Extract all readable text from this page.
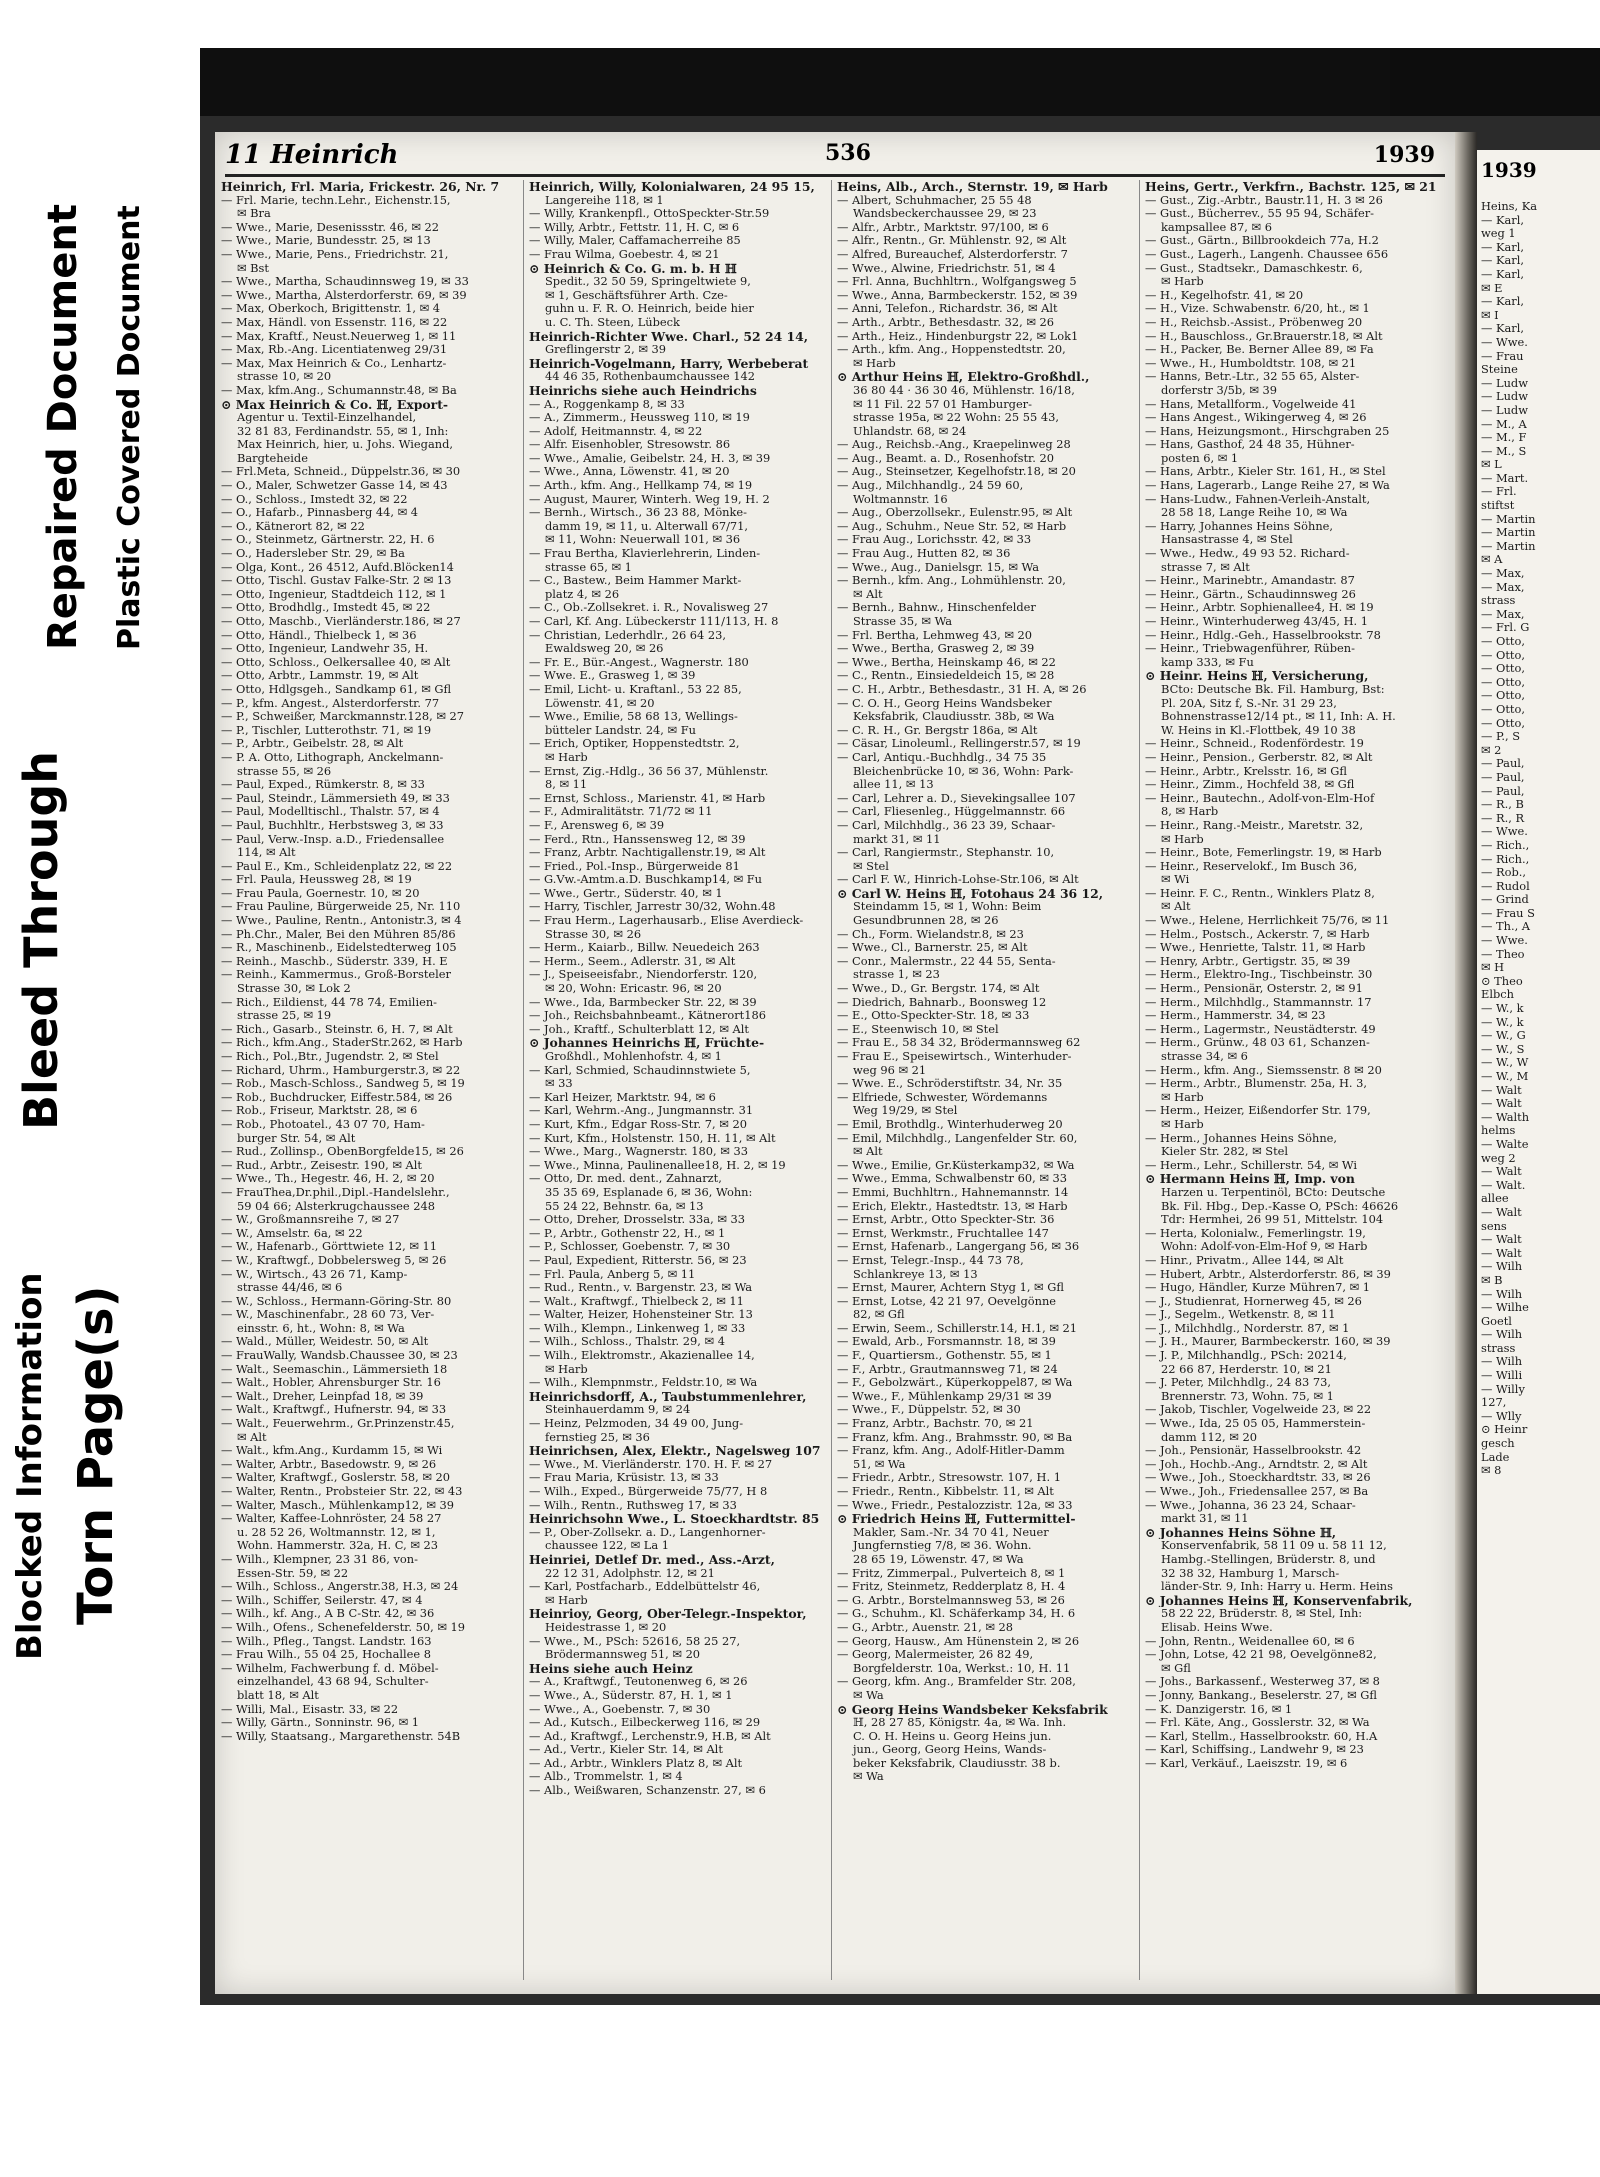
Blocked Information Torn Page(s)
Bleed Through
Repaired Document Plastic Covered Document
11 Heinrich	536	1939

Heinrich, Frl. Maria, Frickestr. 26, Nr. 7

— Frl. Marie, techn.Lehr., Eichenstr.15,

✉ Bra

— Wwe., Marie, Desenissstr. 46, ✉ 22

— Wwe., Marie, Bundesstr. 25, ✉ 13

— Wwe., Marie, Pens., Friedrichstr. 21,

✉ Bst

— Wwe., Martha, Schaudinnsweg 19, ✉ 33

— Wwe., Martha, Alsterdorferstr. 69, ✉ 39

— Max, Oberkoch, Brigittenstr. 1, ✉ 4

— Max, Händl. von Essenstr. 116, ✉ 22

— Max, Kraftf., Neust.Neuerweg 1, ✉ 11

— Max, Rb.-Ang. Licentiatenweg 29/31

— Max, Max Heinrich & Co., Lenhartz-

strasse 10, ✉ 20

— Max, kfm.Ang., Schumannstr.48, ✉ Ba

⊙ Max Heinrich & Co. ℍ, Export-

Agentur u. Textil-Einzelhandel,

32 81 83, Ferdinandstr. 55, ✉ 1, Inh:

Max Heinrich, hier, u. Johs. Wiegand,

Bargteheide

— Frl.Meta, Schneid., Düppelstr.36, ✉ 30

— O., Maler, Schwetzer Gasse 14, ✉ 43

— O., Schloss., Imstedt 32, ✉ 22

— O., Hafarb., Pinnasberg 44, ✉ 4

— O., Kätnerort 82, ✉ 22

— O., Steinmetz, Gärtnerstr. 22, H. 6

— O., Hadersleber Str. 29, ✉ Ba

— Olga, Kont., 26 4512, Aufd.Blöcken14

— Otto, Tischl. Gustav Falke-Str. 2 ✉ 13

— Otto, Ingenieur, Stadtdeich 112, ✉ 1

— Otto, Brodhdlg., Imstedt 45, ✉ 22

— Otto, Maschb., Vierländerstr.186, ✉ 27

— Otto, Händl., Thielbeck 1, ✉ 36

— Otto, Ingenieur, Landwehr 35, H.

— Otto, Schloss., Oelkersallee 40, ✉ Alt

— Otto, Arbtr., Lammstr. 19, ✉ Alt

— Otto, Hdlgsgeh., Sandkamp 61, ✉ Gfl

— P., kfm. Angest., Alsterdorferstr. 77

— P., Schweißer, Marckmannstr.128, ✉ 27

— P., Tischler, Lutterothstr. 71, ✉ 19

— P., Arbtr., Geibelstr. 28, ✉ Alt

— P. A. Otto, Lithograph, Anckelmann-

strasse 55, ✉ 26

— Paul, Exped., Rümkerstr. 8, ✉ 33

— Paul, Steindr., Lämmersieth 49, ✉ 33

— Paul, Modelltischl., Thalstr. 57, ✉ 4

— Paul, Buchhltr., Herbstsweg 3, ✉ 33

— Paul, Verw.-Insp. a.D., Friedensallee

114, ✉ Alt

— Paul E., Km., Schleidenplatz 22, ✉ 22

— Frl. Paula, Heussweg 28, ✉ 19

— Frau Paula, Goernestr. 10, ✉ 20

— Frau Pauline, Bürgerweide 25, Nr. 110

— Wwe., Pauline, Rentn., Antonistr.3, ✉ 4

— Ph.Chr., Maler, Bei den Mühren 85/86

— R., Maschinenb., Eidelstedterweg 105

— Reinh., Maschb., Süderstr. 339, H. E

— Reinh., Kammermus., Groß-Borsteler

Strasse 30, ✉ Lok 2

— Rich., Eildienst, 44 78 74, Emilien-

strasse 25, ✉ 19

— Rich., Gasarb., Steinstr. 6, H. 7, ✉ Alt

— Rich., kfm.Ang., StaderStr.262, ✉ Harb

— Rich., Pol.,Btr., Jugendstr. 2, ✉ Stel

— Richard, Uhrm., Hamburgerstr.3, ✉ 22

— Rob., Masch-Schloss., Sandweg 5, ✉ 19

— Rob., Buchdrucker, Eiffestr.584, ✉ 26

— Rob., Friseur, Marktstr. 28, ✉ 6

— Rob., Photoatel., 43 07 70, Ham-

burger Str. 54, ✉ Alt

— Rud., Zollinsp., ObenBorgfelde15, ✉ 26

— Rud., Arbtr., Zeisestr. 190, ✉ Alt

— Wwe., Th., Hegestr. 46, H. 2, ✉ 20

— FrauThea,Dr.phil.,Dipl.-Handelslehr.,

59 04 66; Alsterkrugchaussee 248

— W., Großmannsreihe 7, ✉ 27

— W., Amselstr. 6a, ✉ 22

— W., Hafenarb., Görttwiete 12, ✉ 11

— W., Kraftwgf., Dobbelersweg 5, ✉ 26

— W., Wirtsch., 43 26 71, Kamp-

strasse 44/46, ✉ 6

— W., Schloss., Hermann-Göring-Str. 80

— W., Maschinenfabr., 28 60 73, Ver-

einsstr. 6, ht., Wohn: 8, ✉ Wa

— Wald., Müller, Weidestr. 50, ✉ Alt

— FrauWally, Wandsb.Chaussee 30, ✉ 23

— Walt., Seemaschin., Lämmersieth 18

— Walt., Hobler, Ahrensburger Str. 16

— Walt., Dreher, Leinpfad 18, ✉ 39

— Walt., Kraftwgf., Hufnerstr. 94, ✉ 33

— Walt., Feuerwehrm., Gr.Prinzenstr.45,

✉ Alt

— Walt., kfm.Ang., Kurdamm 15, ✉ Wi

— Walter, Arbtr., Basedowstr. 9, ✉ 26

— Walter, Kraftwgf., Goslerstr. 58, ✉ 20

— Walter, Rentn., Probsteier Str. 22, ✉ 43

— Walter, Masch., Mühlenkamp12, ✉ 39

— Walter, Kaffee-Lohnröster, 24 58 27

u. 28 52 26, Woltmannstr. 12, ✉ 1,

Wohn. Hammerstr. 32a, H. C, ✉ 23

— Wilh., Klempner, 23 31 86, von-

Essen-Str. 59, ✉ 22

— Wilh., Schloss., Angerstr.38, H.3, ✉ 24

— Wilh., Schiffer, Seilerstr. 47, ✉ 4

— Wilh., kf. Ang., A B C-Str. 42, ✉ 36

— Wilh., Ofens., Schenefelderstr. 50, ✉ 19

— Wilh., Pfleg., Tangst. Landstr. 163

— Frau Wilh., 55 04 25, Hochallee 8

— Wilhelm, Fachwerbung f. d. Möbel-

einzelhandel, 43 68 94, Schulter-

blatt 18, ✉ Alt

— Willi, Mal., Eisastr. 33, ✉ 22

— Willy, Gärtn., Sonninstr. 96, ✉ 1

— Willy, Staatsang., Margarethenstr. 54B

Heinrich, Willy, Kolonialwaren, 24 95 15,

Langereihe 118, ✉ 1

— Willy, Krankenpfl., OttoSpeckter-Str.59

— Willy, Arbtr., Fettstr. 11, H. C, ✉ 6

— Willy, Maler, Caffamacherreihe 85

— Frau Wilma, Goebestr. 4, ✉ 21

⊙ Heinrich & Co. G. m. b. H ℍ

Spedit., 32 50 59, Springeltwiete 9,

✉ 1, Geschäftsführer Arth. Cze-

guhn u. F. R. O. Heinrich, beide hier

u. C. Th. Steen, Lübeck

Heinrich-Richter Wwe. Charl., 52 24 14,

Greflingerstr 2, ✉ 39

Heinrich-Vogelmann, Harry, Werbeberat

44 46 35, Rothenbaumchaussee 142

Heinrichs siehe auch Heindrichs

— A., Roggenkamp 8, ✉ 33

— A., Zimmerm., Heussweg 110, ✉ 19

— Adolf, Heitmannstr. 4, ✉ 22

— Alfr. Eisenhobler, Stresowstr. 86

— Wwe., Amalie, Geibelstr. 24, H. 3, ✉ 39

— Wwe., Anna, Löwenstr. 41, ✉ 20

— Arth., kfm. Ang., Hellkamp 74, ✉ 19

— August, Maurer, Winterh. Weg 19, H. 2

— Bernh., Wirtsch., 36 23 88, Mönke-

damm 19, ✉ 11, u. Alterwall 67/71,

✉ 11, Wohn: Neuerwall 101, ✉ 36

— Frau Bertha, Klavierlehrerin, Linden-

strasse 65, ✉ 1

— C., Bastew., Beim Hammer Markt-

platz 4, ✉ 26

— C., Ob.-Zollsekret. i. R., Novalisweg 27

— Carl, Kf. Ang. Lübeckerstr 111/113, H. 8

— Christian, Lederhdlr., 26 64 23,

Ewaldsweg 20, ✉ 26

— Fr. E., Bür.-Angest., Wagnerstr. 180

— Wwe. E., Grasweg 1, ✉ 39

— Emil, Licht- u. Kraftanl., 53 22 85,

Löwenstr. 41, ✉ 20

— Wwe., Emilie, 58 68 13, Wellings-

bütteler Landstr. 24, ✉ Fu

— Erich, Optiker, Hoppenstedtstr. 2,

✉ Harb

— Ernst, Zig.-Hdlg., 36 56 37, Mühlenstr.

8, ✉ 11

— Ernst, Schloss., Marienstr. 41, ✉ Harb

— F., Admiralitätstr. 71/72 ✉ 11

— F., Arensweg 6, ✉ 39

— Ferd., Rtn., Hanssensweg 12, ✉ 39

— Franz, Arbtr. Nachtigallenstr.19, ✉ Alt

— Fried., Pol.-Insp., Bürgerweide 81

— G.Vw.-Amtm.a.D. Buschkamp14, ✉ Fu

— Wwe., Gertr., Süderstr. 40, ✉ 1

— Harry, Tischler, Jarrestr 30/32, Wohn.48

— Frau Herm., Lagerhausarb., Elise Averdieck-

Strasse 30, ✉ 26

— Herm., Kaiarb., Billw. Neuedeich 263

— Herm., Seem., Adlerstr. 31, ✉ Alt

— J., Speiseeisfabr., Niendorferstr. 120,

✉ 20, Wohn: Ericastr. 96, ✉ 20

— Wwe., Ida, Barmbecker Str. 22, ✉ 39

— Joh., Reichsbahnbeamt., Kätnerort186

— Joh., Kraftf., Schulterblatt 12, ✉ Alt

⊙ Johannes Heinrichs ℍ, Früchte-

Großhdl., Mohlenhofstr. 4, ✉ 1

— Karl, Schmied, Schaudinnstwiete 5,

✉ 33

— Karl Heizer, Marktstr. 94, ✉ 6

— Karl, Wehrm.-Ang., Jungmannstr. 31

— Kurt, Kfm., Edgar Ross-Str. 7, ✉ 20

— Kurt, Kfm., Holstenstr. 150, H. 11, ✉ Alt

— Wwe., Marg., Wagnerstr. 180, ✉ 33

— Wwe., Minna, Paulinenallee18, H. 2, ✉ 19

— Otto, Dr. med. dent., Zahnarzt,

35 35 69, Esplanade 6, ✉ 36, Wohn:

55 24 22, Behnstr. 6a, ✉ 13

— Otto, Dreher, Drosselstr. 33a, ✉ 33

— P., Arbtr., Gothenstr 22, H., ✉ 1

— P., Schlosser, Goebenstr. 7, ✉ 30

— Paul, Expedient, Ritterstr. 56, ✉ 23

— Frl. Paula, Anberg 5, ✉ 11

— Rud., Rentn., v. Bargenstr. 23, ✉ Wa

— Walt., Kraftwgf., Thielbeck 2, ✉ 11

— Walter, Heizer, Hohensteiner Str. 13

— Wilh., Klempn., Linkenweg 1, ✉ 33

— Wilh., Schloss., Thalstr. 29, ✉ 4

— Wilh., Elektromstr., Akazienallee 14,

✉ Harb

— Wilh., Klempnmstr., Feldstr.10, ✉ Wa

Heinrichsdorff, A., Taubstummenlehrer,

Steinhauerdamm 9, ✉ 24

— Heinz, Pelzmoden, 34 49 00, Jung-

fernstieg 25, ✉ 36

Heinrichsen, Alex, Elektr., Nagelsweg 107

— Wwe., M. Vierländerstr. 170. H. F. ✉ 27

— Frau Maria, Krüsistr. 13, ✉ 33

— Wilh., Exped., Bürgerweide 75/77, H 8

— Wilh., Rentn., Ruthsweg 17, ✉ 33

Heinrichsohn Wwe., L. Stoeckhardtstr. 85

— P., Ober-Zollsekr. a. D., Langenhorner-

chaussee 122, ✉ La 1

Heinriei, Detlef Dr. med., Ass.-Arzt,

22 12 31, Adolphstr. 12, ✉ 21

— Karl, Postfacharb., Eddelbüttelstr 46,

✉ Harb

Heinrioy, Georg, Ober-Telegr.-Inspektor,

Heidestrasse 1, ✉ 20

— Wwe., M., PSch: 52616, 58 25 27,

Brödermannsweg 51, ✉ 20

Heins siehe auch Heinz

— A., Kraftwgf., Teutonenweg 6, ✉ 26

— Wwe., A., Süderstr. 87, H. 1, ✉ 1

— Wwe., A., Goebenstr. 7, ✉ 30

— Ad., Kutsch., Eilbeckerweg 116, ✉ 29

— Ad., Kraftwgf., Lerchenstr.9, H.B, ✉ Alt

— Ad., Vertr., Kieler Str. 14, ✉ Alt

— Ad., Arbtr., Winklers Platz 8, ✉ Alt

— Alb., Trommelstr. 1, ✉ 4

— Alb., Weißwaren, Schanzenstr. 27, ✉ 6

Heins, Alb., Arch., Sternstr. 19, ✉ Harb

— Albert, Schuhmacher, 25 55 48

Wandsbeckerchaussee 29, ✉ 23

— Alfr., Arbtr., Marktstr. 97/100, ✉ 6

— Alfr., Rentn., Gr. Mühlenstr. 92, ✉ Alt

— Alfred, Bureauchef, Alsterdorferstr. 7

— Wwe., Alwine, Friedrichstr. 51, ✉ 4

— Frl. Anna, Buchhltrn., Wolfgangsweg 5

— Wwe., Anna, Barmbeckerstr. 152, ✉ 39

— Anni, Telefon., Richardstr. 36, ✉ Alt

— Arth., Arbtr., Bethesdastr. 32, ✉ 26

— Arth., Heiz., Hindenburgstr 22, ✉ Lok1

— Arth., kfm. Ang., Hoppenstedtstr. 20,

✉ Harb

⊙ Arthur Heins ℍ, Elektro-Großhdl.,

36 80 44 · 36 30 46, Mühlenstr. 16/18,

✉ 11 Fil. 22 57 01 Hamburger-

strasse 195a, ✉ 22 Wohn: 25 55 43,

Uhlandstr. 68, ✉ 24

— Aug., Reichsb.-Ang., Kraepelinweg 28

— Aug., Beamt. a. D., Rosenhofstr. 20

— Aug., Steinsetzer, Kegelhofstr.18, ✉ 20

— Aug., Milchhandlg., 24 59 60,

Woltmannstr. 16

— Aug., Oberzollsekr., Eulenstr.95, ✉ Alt

— Aug., Schuhm., Neue Str. 52, ✉ Harb

— Frau Aug., Lorichsstr. 42, ✉ 33

— Frau Aug., Hutten 82, ✉ 36

— Wwe., Aug., Danielsgr. 15, ✉ Wa

— Bernh., kfm. Ang., Lohmühlenstr. 20,

✉ Alt

— Bernh., Bahnw., Hinschenfelder

Strasse 35, ✉ Wa

— Frl. Bertha, Lehmweg 43, ✉ 20

— Wwe., Bertha, Grasweg 2, ✉ 39

— Wwe., Bertha, Heinskamp 46, ✉ 22

— C., Rentn., Einsiedeldeich 15, ✉ 28

— C. H., Arbtr., Bethesdastr., 31 H. A, ✉ 26

— C. O. H., Georg Heins Wandsbeker

Keksfabrik, Claudiusstr. 38b, ✉ Wa

— C. R. H., Gr. Bergstr 186a, ✉ Alt

— Cäsar, Linoleuml., Rellingerstr.57, ✉ 19

— Carl, Antiqu.-Buchhdlg., 34 75 35

Bleichenbrücke 10, ✉ 36, Wohn: Park-

allee 11, ✉ 13

— Carl, Lehrer a. D., Sievekingsallee 107

— Carl, Fliesenleg., Hüggelmannstr. 66

— Carl, Milchhdlg., 36 23 39, Schaar-

markt 31, ✉ 11

— Carl, Rangiermstr., Stephanstr. 10,

✉ Stel

— Carl F. W., Hinrich-Lohse-Str.106, ✉ Alt

⊙ Carl W. Heins ℍ, Fotohaus 24 36 12,

Steindamm 15, ✉ 1, Wohn: Beim

Gesundbrunnen 28, ✉ 26

— Ch., Form. Wielandstr.8, ✉ 23

— Wwe., Cl., Barnerstr. 25, ✉ Alt

— Conr., Malermstr., 22 44 55, Senta-

strasse 1, ✉ 23

— Wwe., D., Gr. Bergstr. 174, ✉ Alt

— Diedrich, Bahnarb., Boonsweg 12

— E., Otto-Speckter-Str. 18, ✉ 33

— E., Steenwisch 10, ✉ Stel

— Frau E., 58 34 32, Brödermannsweg 62

— Frau E., Speisewirtsch., Winterhuder-

weg 96 ✉ 21

— Wwe. E., Schröderstiftstr. 34, Nr. 35

— Elfriede, Schwester, Wördemanns

Weg 19/29, ✉ Stel

— Emil, Brothdlg., Winterhuderweg 20

— Emil, Milchhdlg., Langenfelder Str. 60,

✉ Alt

— Wwe., Emilie, Gr.Küsterkamp32, ✉ Wa

— Wwe., Emma, Schwalbenstr 60, ✉ 33

— Emmi, Buchhltrn., Hahnemannstr. 14

— Erich, Elektr., Hastedtstr. 13, ✉ Harb

— Ernst, Arbtr., Otto Speckter-Str. 36

— Ernst, Werkmstr., Fruchtallee 147

— Ernst, Hafenarb., Langergang 56, ✉ 36

— Ernst, Telegr.-Insp., 44 73 78,

Schlankreye 13, ✉ 13

— Ernst, Maurer, Achtern Styg 1, ✉ Gfl

— Ernst, Lotse, 42 21 97, Oevelgönne

82, ✉ Gfl

— Erwin, Seem., Schillerstr.14, H.1, ✉ 21

— Ewald, Arb., Forsmannstr. 18, ✉ 39

— F., Quartiersm., Gothenstr. 55, ✉ 1

— F., Arbtr., Grautmannsweg 71, ✉ 24

— F., Gebolzwärt., Küperkoppel87, ✉ Wa

— Wwe., F., Mühlenkamp 29/31 ✉ 39

— Wwe., F., Düppelstr. 52, ✉ 30

— Franz, Arbtr., Bachstr. 70, ✉ 21

— Franz, kfm. Ang., Brahmsstr. 90, ✉ Ba

— Franz, kfm. Ang., Adolf-Hitler-Damm

51, ✉ Wa

— Friedr., Arbtr., Stresowstr. 107, H. 1

— Friedr., Rentn., Kibbelstr. 11, ✉ Alt

— Wwe., Friedr., Pestalozzistr. 12a, ✉ 33

⊙ Friedrich Heins ℍ, Futtermittel-

Makler, Sam.-Nr. 34 70 41, Neuer

Jungfernstieg 7/8, ✉ 36. Wohn.

28 65 19, Löwenstr. 47, ✉ Wa

— Fritz, Zimmerpal., Pulverteich 8, ✉ 1

— Fritz, Steinmetz, Redderplatz 8, H. 4

— G. Arbtr., Borstelmannsweg 53, ✉ 26

— G., Schuhm., Kl. Schäferkamp 34, H. 6

— G., Arbtr., Auenstr. 21, ✉ 28

— Georg, Hausw., Am Hünenstein 2, ✉ 26

— Georg, Malermeister, 26 82 49,

Borgfelderstr. 10a, Werkst.: 10, H. 11

— Georg, kfm. Ang., Bramfelder Str. 208,

✉ Wa

⊙ Georg Heins Wandsbeker Keksfabrik

ℍ, 28 27 85, Königstr. 4a, ✉ Wa. Inh.

C. O. H. Heins u. Georg Heins jun.

jun., Georg, Georg Heins, Wands-

beker Keksfabrik, Claudiusstr. 38 b.

✉ Wa

Heins, Gertr., Verkfrn., Bachstr. 125, ✉ 21

— Gust., Zig.-Arbtr., Baustr.11, H. 3 ✉ 26

— Gust., Bücherrev., 55 95 94, Schäfer-

kampsallee 87, ✉ 6

— Gust., Gärtn., Billbrookdeich 77a, H.2

— Gust., Lagerh., Langenh. Chaussee 656

— Gust., Stadtsekr., Damaschkestr. 6,

✉ Harb

— H., Kegelhofstr. 41, ✉ 20

— H., Vize. Schwabenstr. 6/20, ht., ✉ 1

— H., Reichsb.-Assist., Pröbenweg 20

— H., Bauschloss., Gr.Brauerstr.18, ✉ Alt

— H., Packer, Be. Berner Allee 89, ✉ Fa

— Wwe., H., Humboldtstr. 108, ✉ 21

— Hanns, Betr.-Ltr., 32 55 65, Alster-

dorferstr 3/5b, ✉ 39

— Hans, Metallform., Vogelweide 41

— Hans Angest., Wikingerweg 4, ✉ 26

— Hans, Heizungsmont., Hirschgraben 25

— Hans, Gasthof, 24 48 35, Hühner-

posten 6, ✉ 1

— Hans, Arbtr., Kieler Str. 161, H., ✉ Stel

— Hans, Lagerarb., Lange Reihe 27, ✉ Wa

— Hans-Ludw., Fahnen-Verleih-Anstalt,

28 58 18, Lange Reihe 10, ✉ Wa

— Harry, Johannes Heins Söhne,

Hansastrasse 4, ✉ Stel

— Wwe., Hedw., 49 93 52. Richard-

strasse 7, ✉ Alt

— Heinr., Marinebtr., Amandastr. 87

— Heinr., Gärtn., Schaudinnsweg 26

— Heinr., Arbtr. Sophienallee4, H. ✉ 19

— Heinr., Winterhuderweg 43/45, H. 1

— Heinr., Hdlg.-Geh., Hasselbrookstr. 78

— Heinr., Triebwagenführer, Rüben-

kamp 333, ✉ Fu

⊙ Heinr. Heins ℍ, Versicherung,

BCto: Deutsche Bk. Fil. Hamburg, Bst:

Pl. 20A, Sitz f, S.-Nr. 31 29 23,

Bohnenstrasse12/14 pt., ✉ 11, Inh: A. H.

W. Heins in Kl.-Flottbek, 49 10 38

— Heinr., Schneid., Rodenfördestr. 19

— Heinr., Pension., Gerberstr. 82, ✉ Alt

— Heinr., Arbtr., Krelsstr. 16, ✉ Gfl

— Heinr., Zimm., Hochfeld 38, ✉ Gfl

— Heinr., Bautechn., Adolf-von-Elm-Hof

8, ✉ Harb

— Heinr., Rang.-Meistr., Maretstr. 32,

✉ Harb

— Heinr., Bote, Femerlingstr. 19, ✉ Harb

— Heinr., Reservelokf., Im Busch 36,

✉ Wi

— Heinr. F. C., Rentn., Winklers Platz 8,

✉ Alt

— Wwe., Helene, Herrlichkeit 75/76, ✉ 11

— Helm., Postsch., Ackerstr. 7, ✉ Harb

— Wwe., Henriette, Talstr. 11, ✉ Harb

— Henry, Arbtr., Gertigstr. 35, ✉ 39

— Herm., Elektro-Ing., Tischbeinstr. 30

— Herm., Pensionär, Osterstr. 2, ✉ 91

— Herm., Milchhdlg., Stammannstr. 17

— Herm., Hammerstr. 34, ✉ 23

— Herm., Lagermstr., Neustädterstr. 49

— Herm., Grünw., 48 03 61, Schanzen-

strasse 34, ✉ 6

— Herm., kfm. Ang., Siemssenstr. 8 ✉ 20

— Herm., Arbtr., Blumenstr. 25a, H. 3,

✉ Harb

— Herm., Heizer, Eißendorfer Str. 179,

✉ Harb

— Herm., Johannes Heins Söhne,

Kieler Str. 282, ✉ Stel

— Herm., Lehr., Schillerstr. 54, ✉ Wi

⊙ Hermann Heins ℍ, Imp. von

Harzen u. Terpentinöl, BCto: Deutsche

Bk. Fil. Hbg., Dep.-Kasse O, PSch: 46626

Tdr: Hermhei, 26 99 51, Mittelstr. 104

— Herta, Kolonialw., Femerlingstr. 19,

Wohn: Adolf-von-Elm-Hof 9, ✉ Harb

— Hinr., Privatm., Allee 144, ✉ Alt

— Hubert, Arbtr., Alsterdorferstr. 86, ✉ 39

— Hugo, Händler, Kurze Mühren7, ✉ 1

— J., Studienrat, Hornerweg 45, ✉ 26

— J., Segelm., Wetkenstr. 8, ✉ 11

— J., Milchhdlg., Norderstr. 87, ✉ 1

— J. H., Maurer, Barmbeckerstr. 160, ✉ 39

— J. P., Milchhandlg., PSch: 20214,

22 66 87, Herderstr. 10, ✉ 21

— J. Peter, Milchhdlg., 24 83 73,

Brennerstr. 73, Wohn. 75, ✉ 1

— Jakob, Tischler, Vogelweide 23, ✉ 22

— Wwe., Ida, 25 05 05, Hammerstein-

damm 112, ✉ 20

— Joh., Pensionär, Hasselbrookstr. 42

— Joh., Hochb.-Ang., Arndtstr. 2, ✉ Alt

— Wwe., Joh., Stoeckhardtstr. 33, ✉ 26

— Wwe., Joh., Friedensallee 257, ✉ Ba

— Wwe., Johanna, 36 23 24, Schaar-

markt 31, ✉ 11

⊙ Johannes Heins Söhne ℍ,

Konservenfabrik, 58 11 09 u. 58 11 12,

Hambg.-Stellingen, Brüderstr. 8, und

32 38 32, Hamburg 1, Marsch-

länder-Str. 9, Inh: Harry u. Herm. Heins

⊙ Johannes Heins ℍ, Konservenfabrik,

58 22 22, Brüderstr. 8, ✉ Stel, Inh:

Elisab. Heins Wwe.

— John, Rentn., Weidenallee 60, ✉ 6

— John, Lotse, 42 21 98, Oevelgönne82,

✉ Gfl

— Johs., Barkassenf., Westerweg 37, ✉ 8

— Jonny, Bankang., Beselerstr. 27, ✉ Gfl

— K. Danzigerstr. 16, ✉ 1

— Frl. Käte, Ang., Gosslerstr. 32, ✉ Wa

— Karl, Stellm., Hasselbrookstr. 60, H.A

— Karl, Schiffsing., Landwehr 9, ✉ 23

— Karl, Verkäuf., Laeiszstr. 19, ✉ 6

1939

Heins, Ka

— Karl,

weg 1

— Karl,

— Karl,

— Karl,

✉ E

— Karl,

✉ I

— Karl,

— Wwe.

— Frau

Steine

— Ludw

— Ludw

— Ludw

— M., A

— M., F

— M., S

✉ L

— Mart.

— Frl.

stiftst

— Martin

— Martin

— Martin

✉ A

— Max,

— Max,

strass

— Max,

— Frl. G

— Otto,

— Otto,

— Otto,

— Otto,

— Otto,

— Otto,

— Otto,

— P., S

✉ 2

— Paul,

— Paul,

— Paul,

— R., B

— R., R

— Wwe.

— Rich.,

— Rich.,

— Rob.,

— Rudol

— Grind

— Frau S

— Th., A

— Wwe.

— Theo

✉ H

⊙ Theo

Elbch

— W., k

— W., k

— W., G

— W., S

— W., W

— W., M

— Walt

— Walt

— Walth

helms

— Walte

weg 2

— Walt

— Walt.

allee

— Walt

sens

— Walt

— Walt

— Wilh

✉ B

— Wilh

— Wilhe

Goetl

— Wilh

strass

— Wilh

— Willi

— Willy

127,

— Wlly

⊙ Heinr

gesch

Lade

✉ 8
